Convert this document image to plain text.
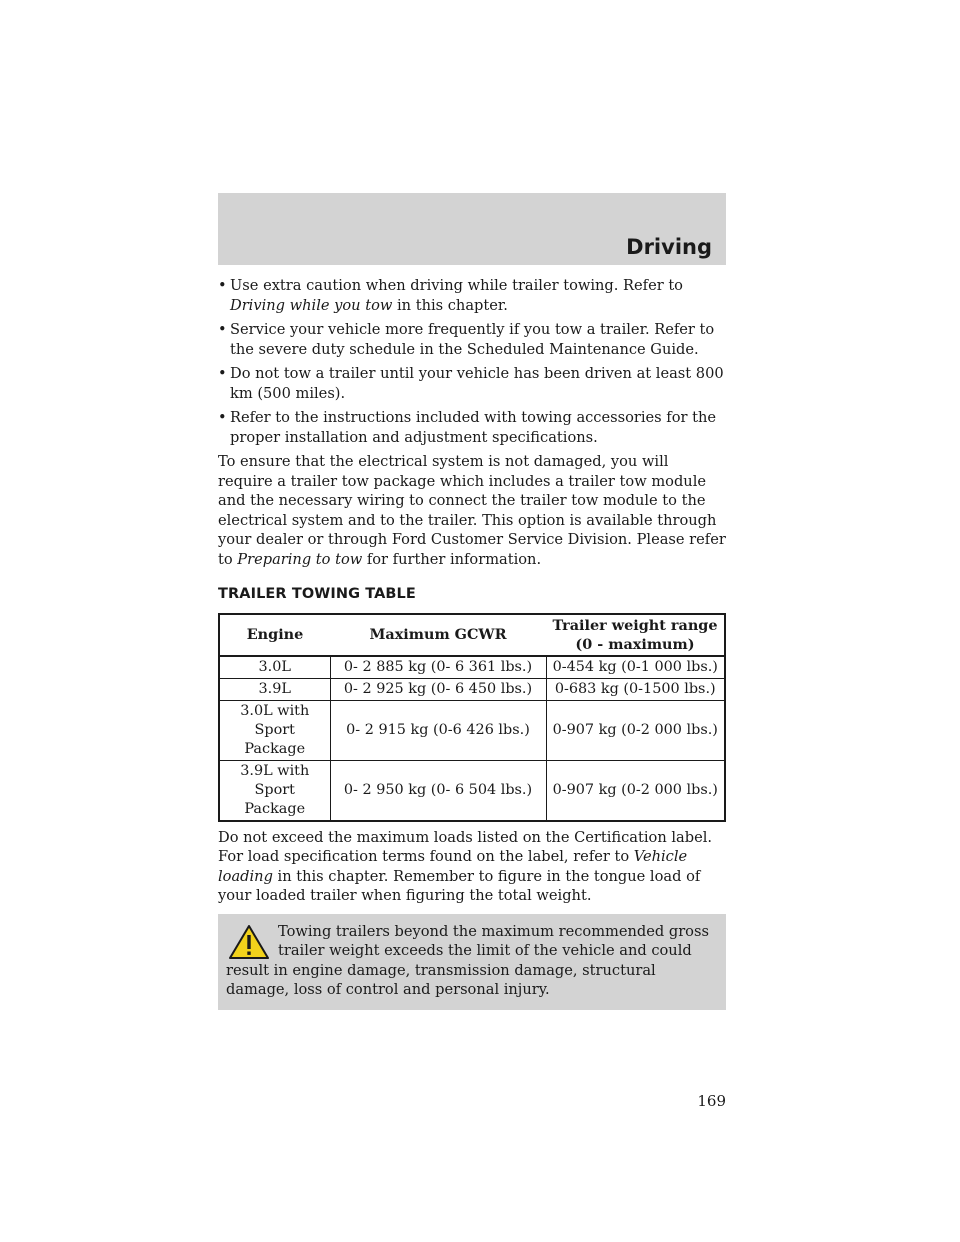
Driving
• Use extra caution when driving while trailer towing. Refer to Driving while you tow in this chapter.
• Service your vehicle more frequently if you tow a trailer. Refer to the severe duty schedule in the Scheduled Maintenance Guide.
• Do not tow a trailer until your vehicle has been driven at least 800 km (500 miles).
• Refer to the instructions included with towing accessories for the proper installation and adjustment specifications.

To ensure that the electrical system is not damaged, you will require a trailer tow package which includes a trailer tow module and the necessary wiring to connect the trailer tow module to the electrical system and to the trailer. This option is available through your dealer or through Ford Customer Service Division. Please refer to Preparing to tow for further information.

TRAILER TOWING TABLE
Engine	Maximum GCWR	Trailer weight range (0 - maximum)
3.0L	0- 2 885 kg (0- 6 361 lbs.)	0-454 kg (0-1 000 lbs.)
3.9L	0- 2 925 kg (0- 6 450 lbs.)	0-683 kg (0-1500 lbs.)
3.0L with Sport Package	0- 2 915 kg (0-6 426 lbs.)	0-907 kg (0-2 000 lbs.)
3.9L with Sport Package	0- 2 950 kg (0- 6 504 lbs.)	0-907 kg (0-2 000 lbs.)

Do not exceed the maximum loads listed on the Certification label. For load specification terms found on the label, refer to Vehicle loading in this chapter. Remember to figure in the tongue load of your loaded trailer when figuring the total weight.

Towing trailers beyond the maximum recommended gross trailer weight exceeds the limit of the vehicle and could result in engine damage, transmission damage, structural damage, loss of control and personal injury.
169
